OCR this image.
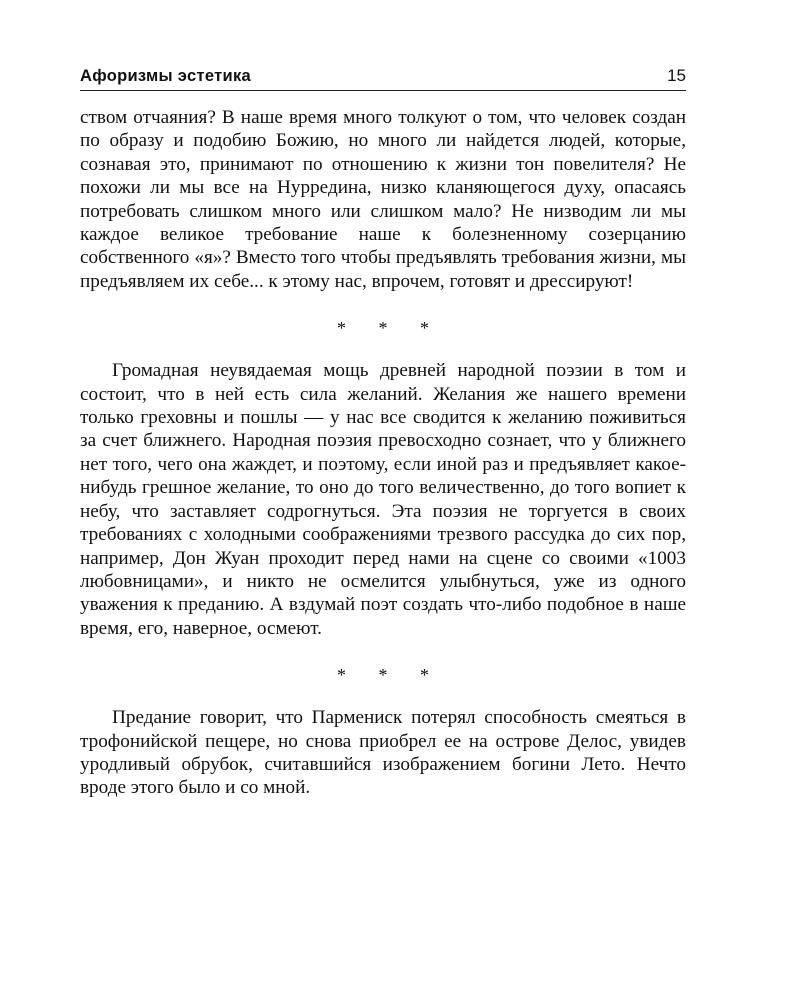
Афоризмы эстетика	15

ством отчаяния? В наше время много толкуют о том, что человек создан по образу и подобию Божию, но много ли найдется людей, которые, сознавая это, принимают по отношению к жизни тон повелителя? Не похожи ли мы все на Нурредина, низко кланяющегося духу, опасаясь потребовать слишком много или слишком мало? Не низводим ли мы каждое великое требование наше к болезненному созерцанию собственного «я»? Вместо того чтобы предъявлять требования жизни, мы предъявляем их себе... к этому нас, впрочем, готовят и дрессируют!

* * *

Громадная неувядаемая мощь древней народной поэзии в том и состоит, что в ней есть сила желаний. Желания же нашего времени только греховны и пошлы — у нас все сводится к желанию поживиться за счет ближнего. Народная поэзия превосходно сознает, что у ближнего нет того, чего она жаждет, и поэтому, если иной раз и предъявляет какое-нибудь грешное желание, то оно до того величественно, до того вопиет к небу, что заставляет содрогнуться. Эта поэзия не торгуется в своих требованиях с холодными соображениями трезвого рассудка до сих пор, например, Дон Жуан проходит перед нами на сцене со своими «1003 любовницами», и никто не осмелится улыбнуться, уже из одного уважения к преданию. А вздумай поэт создать что-либо подобное в наше время, его, наверное, осмеют.

* * *

Предание говорит, что Пармениск потерял способность смеяться в трофонийской пещере, но снова приобрел ее на острове Делос, увидев уродливый обрубок, считавшийся изображением богини Лето. Нечто вроде этого было и со мной.
